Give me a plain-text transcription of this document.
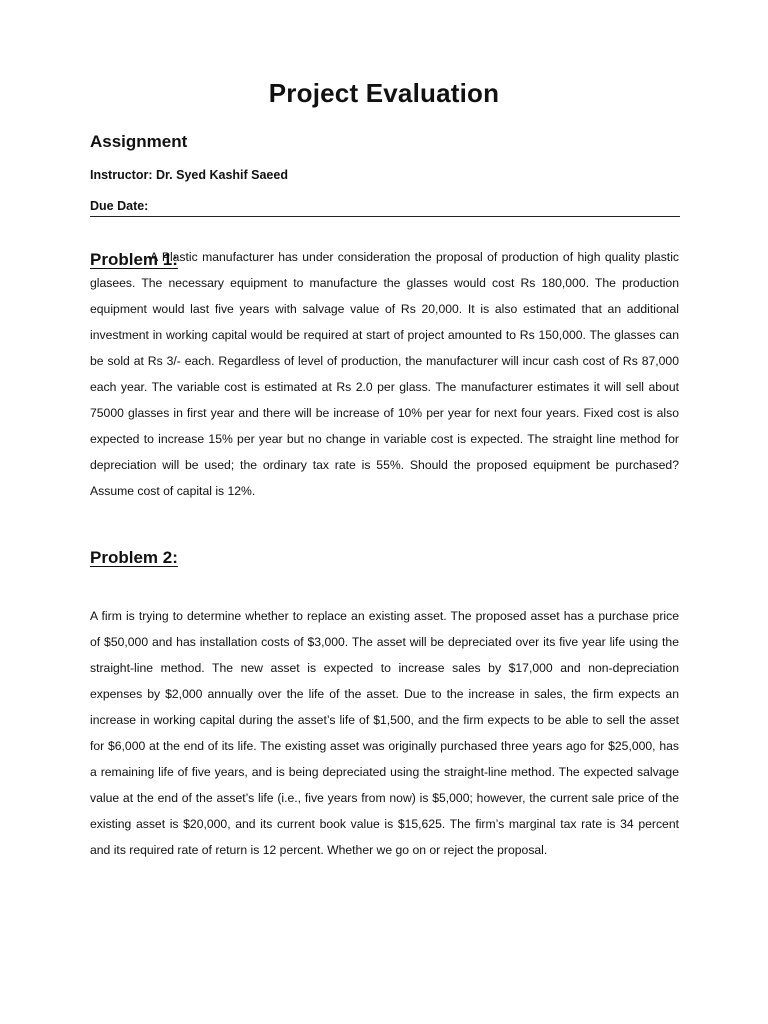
Project Evaluation
Assignment
Instructor: Dr. Syed Kashif Saeed
Due Date:
Problem 1:

A Plastic manufacturer has under consideration the proposal of production of high quality plastic glasees. The necessary equipment to manufacture the glasses would cost Rs 180,000. The production equipment would last five years with salvage value of Rs 20,000. It is also estimated that an additional investment in working capital would be required at start of project amounted to Rs 150,000. The glasses can be sold at Rs 3/- each. Regardless of level of production, the manufacturer will incur cash cost of Rs 87,000 each year. The variable cost is estimated at Rs 2.0 per glass. The manufacturer estimates it will sell about 75000 glasses in first year and there will be increase of 10% per year for next four years. Fixed cost is also expected to increase 15% per year but no change in variable cost is expected. The straight line method for depreciation will be used; the ordinary tax rate is 55%. Should the proposed equipment be purchased? Assume cost of capital is 12%.

Problem 2:

A firm is trying to determine whether to replace an existing asset. The proposed asset has a purchase price of $50,000 and has installation costs of $3,000. The asset will be depreciated over its five year life using the straight-line method. The new asset is expected to increase sales by $17,000 and non-depreciation expenses by $2,000 annually over the life of the asset. Due to the increase in sales, the firm expects an increase in working capital during the asset’s life of $1,500, and the firm expects to be able to sell the asset for $6,000 at the end of its life. The existing asset was originally purchased three years ago for $25,000, has a remaining life of five years, and is being depreciated using the straight-line method. The expected salvage value at the end of the asset’s life (i.e., five years from now) is $5,000; however, the current sale price of the existing asset is $20,000, and its current book value is $15,625. The firm’s marginal tax rate is 34 percent and its required rate of return is 12 percent. Whether we go on or reject the proposal.
